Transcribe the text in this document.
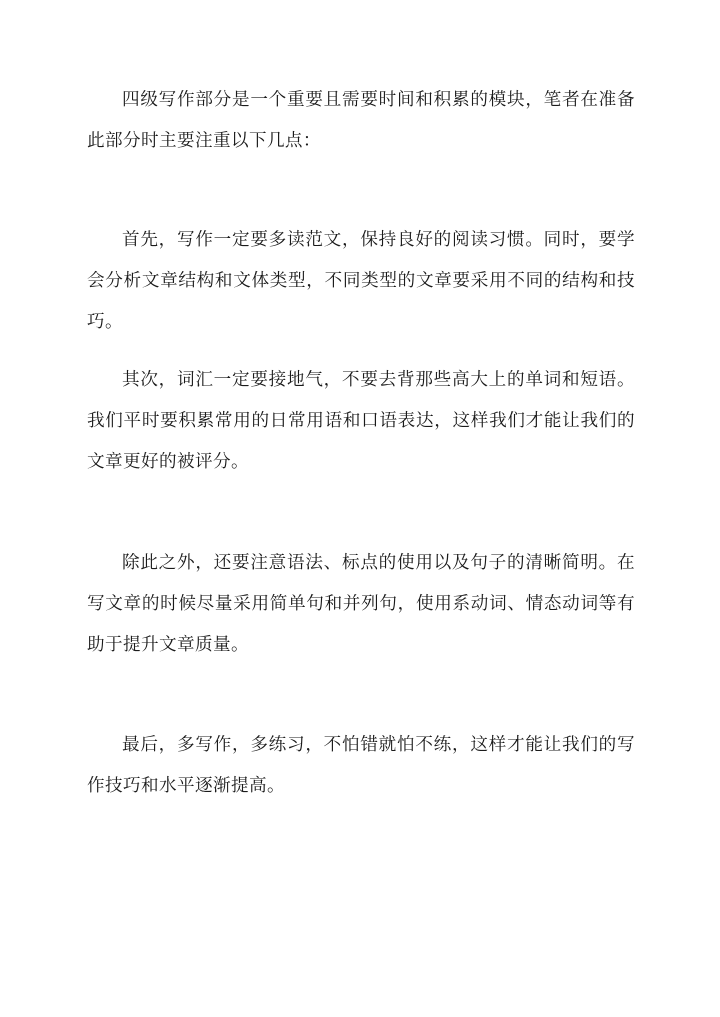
四级写作部分是一个重要且需要时间和积累的模块，笔者在准备此部分时主要注重以下几点：

首先，写作一定要多读范文，保持良好的阅读习惯。同时，要学会分析文章结构和文体类型，不同类型的文章要采用不同的结构和技巧。

其次，词汇一定要接地气，不要去背那些高大上的单词和短语。我们平时要积累常用的日常用语和口语表达，这样我们才能让我们的文章更好的被评分。

除此之外，还要注意语法、标点的使用以及句子的清晰简明。在写文章的时候尽量采用简单句和并列句，使用系动词、情态动词等有助于提升文章质量。

最后，多写作，多练习，不怕错就怕不练，这样才能让我们的写作技巧和水平逐渐提高。
